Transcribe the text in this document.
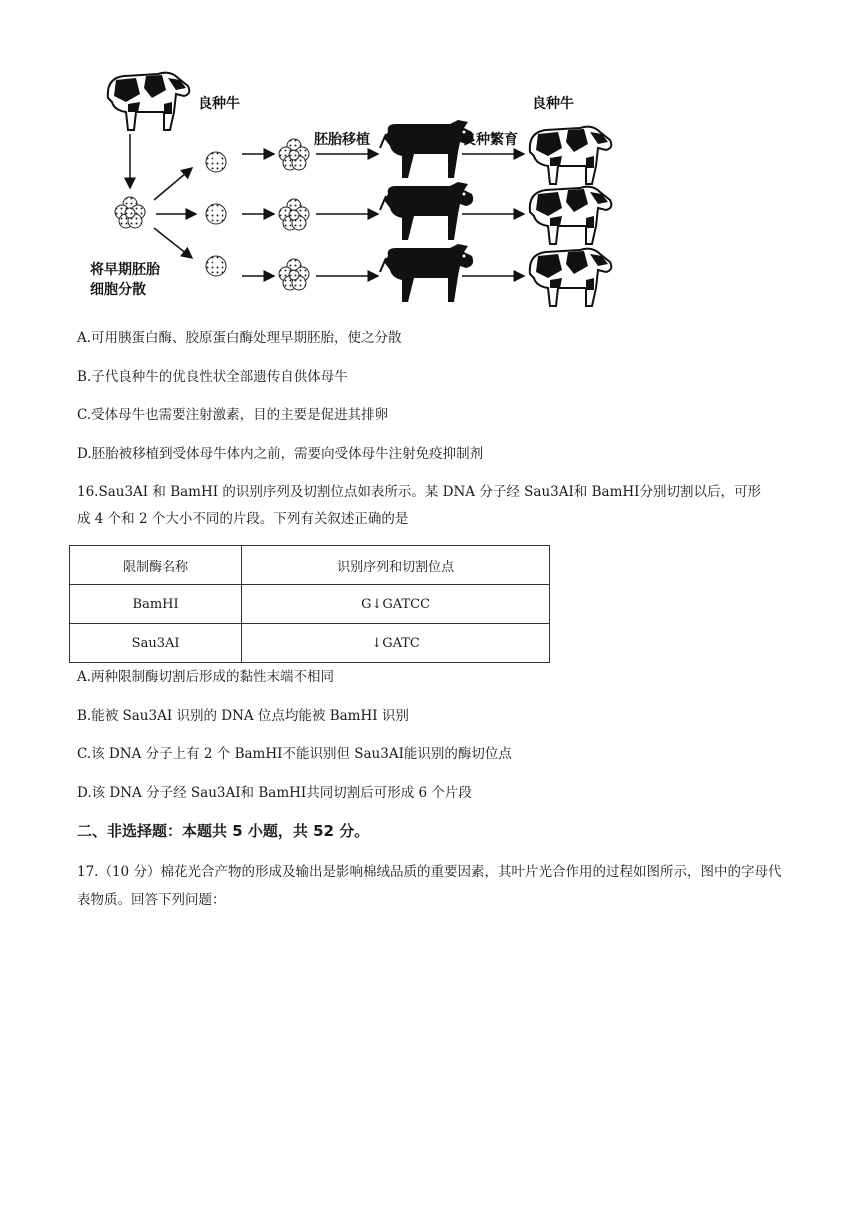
良种牛
将早期胚胎
细胞分散
胚胎移植	良种繁育
良种牛
A.可用胰蛋白酶、胶原蛋白酶处理早期胚胎，使之分散
B.子代良种牛的优良性状全部遗传自供体母牛
C.受体母牛也需要注射激素，目的主要是促进其排卵
D.胚胎被移植到受体母牛体内之前，需要向受体母牛注射免疫抑制剂
16.Sau3AI 和 BamHI 的识别序列及切割位点如表所示。某 DNA 分子经 Sau3AⅠ和 BamHⅠ分别切割以后，可形
成 4 个和 2 个大小不同的片段。下列有关叙述正确的是
限制酶名称	识别序列和切割位点
BamHI	G↓GATCC
Sau3AI	↓GATC
A.两种限制酶切割后形成的黏性末端不相同
B.能被 Sau3AI 识别的 DNA 位点均能被 BamHI 识别
C.该 DNA 分子上有 2 个 BamHⅠ不能识别但 Sau3AⅠ能识别的酶切位点
D.该 DNA 分子经 Sau3AⅠ和 BamHⅠ共同切割后可形成 6 个片段
二、非选择题：本题共 5 小题，共 52 分。
17.（10 分）棉花光合产物的形成及输出是影响棉绒品质的重要因素，其叶片光合作用的过程如图所示，图中的字母代表物质。回答下列问题：
